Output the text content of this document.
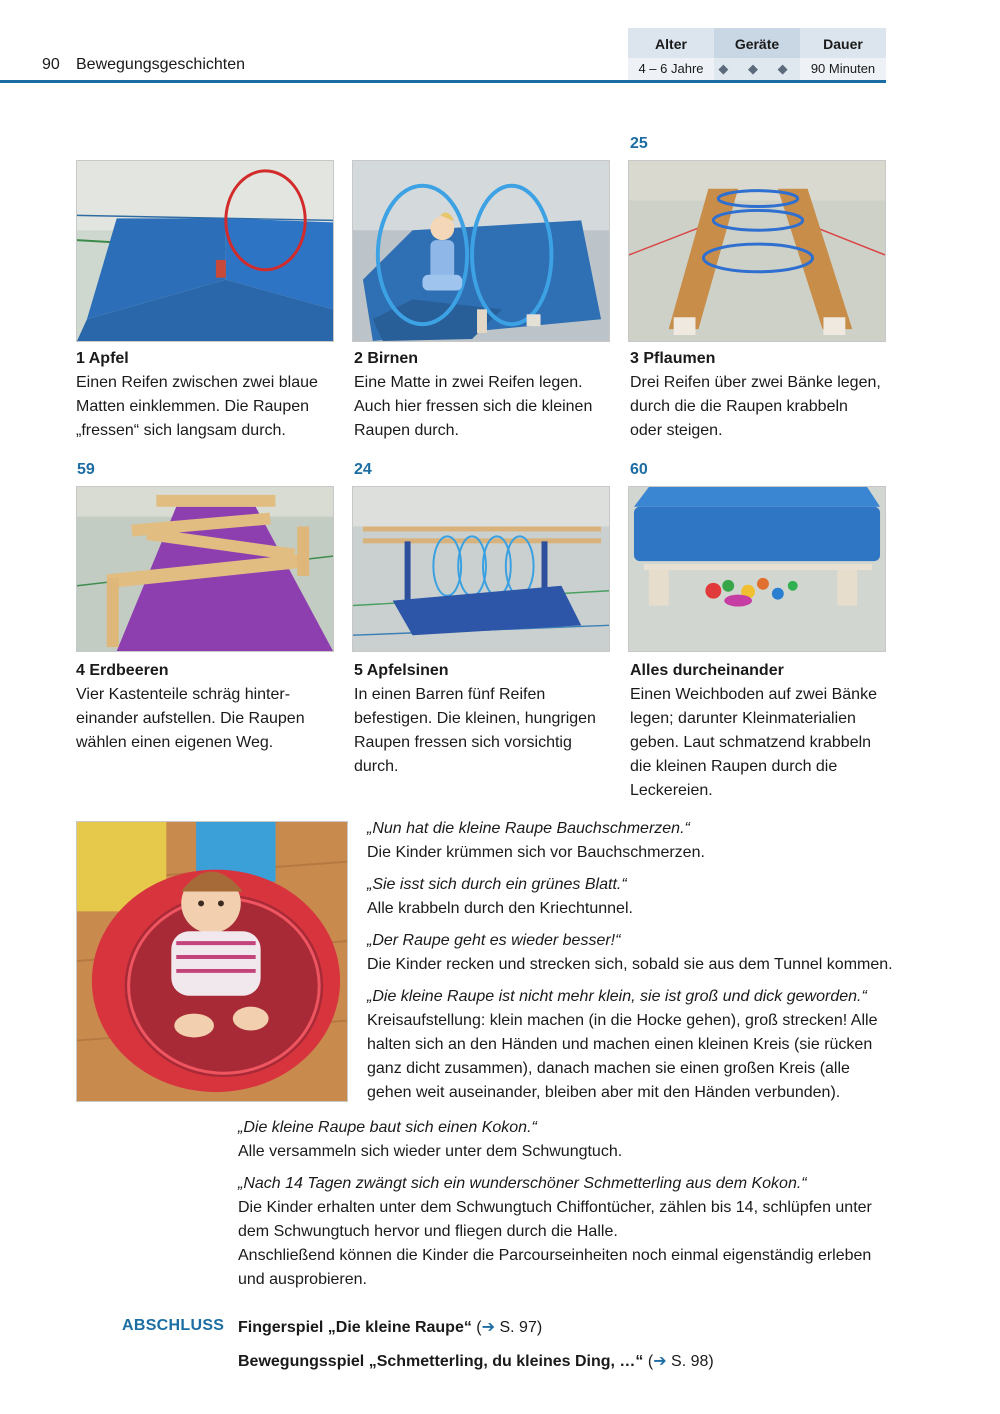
90 Bewegungsgeschichten
Alter
4 – 6 Jahre
Geräte
◆ ◆ ◆
Dauer
90 Minuten
25
59	24	60
1 Apfel
Einen Reifen zwischen zwei blaue
Matten einklemmen. Die Raupen
„fressen“ sich langsam durch.
2 Birnen
Eine Matte in zwei Reifen legen.
Auch hier fressen sich die kleinen
Raupen durch.
3 Pflaumen
Drei Reifen über zwei Bänke legen,
durch die die Raupen krabbeln
oder steigen.
4 Erdbeeren
Vier Kastenteile schräg hinter-
einander aufstellen. Die Raupen
wählen einen eigenen Weg.
5 Apfelsinen
In einen Barren fünf Reifen
befestigen. Die kleinen, hungrigen
Raupen fressen sich vorsichtig
durch.
Alles durcheinander
Einen Weichboden auf zwei Bänke
legen; darunter Kleinmaterialien
geben. Laut schmatzend krabbeln
die kleinen Raupen durch die
Leckereien.

„Nun hat die kleine Raupe Bauchschmerzen.“
Die Kinder krümmen sich vor Bauchschmerzen.

„Sie isst sich durch ein grünes Blatt.“
Alle krabbeln durch den Kriechtunnel.

„Der Raupe geht es wieder besser!“
Die Kinder recken und strecken sich, sobald sie aus dem Tunnel kommen.

„Die kleine Raupe ist nicht mehr klein, sie ist groß und dick geworden.“
Kreisaufstellung: klein machen (in die Hocke gehen), groß strecken! Alle
halten sich an den Händen und machen einen kleinen Kreis (sie rücken
ganz dicht zusammen), danach machen sie einen großen Kreis (alle
gehen weit auseinander, bleiben aber mit den Händen verbunden).

„Die kleine Raupe baut sich einen Kokon.“
Alle versammeln sich wieder unter dem Schwungtuch.

„Nach 14 Tagen zwängt sich ein wunderschöner Schmetterling aus dem Kokon.“
Die Kinder erhalten unter dem Schwungtuch Chiffontücher, zählen bis 14, schlüpfen unter
dem Schwungtuch hervor und fliegen durch die Halle.
Anschließend können die Kinder die Parcourseinheiten noch einmal eigenständig erleben
und ausprobieren.

ABSCHLUSS Fingerspiel „Die kleine Raupe“ (➔ S. 97)
Bewegungsspiel „Schmetterling, du kleines Ding, …“ (➔ S. 98)
